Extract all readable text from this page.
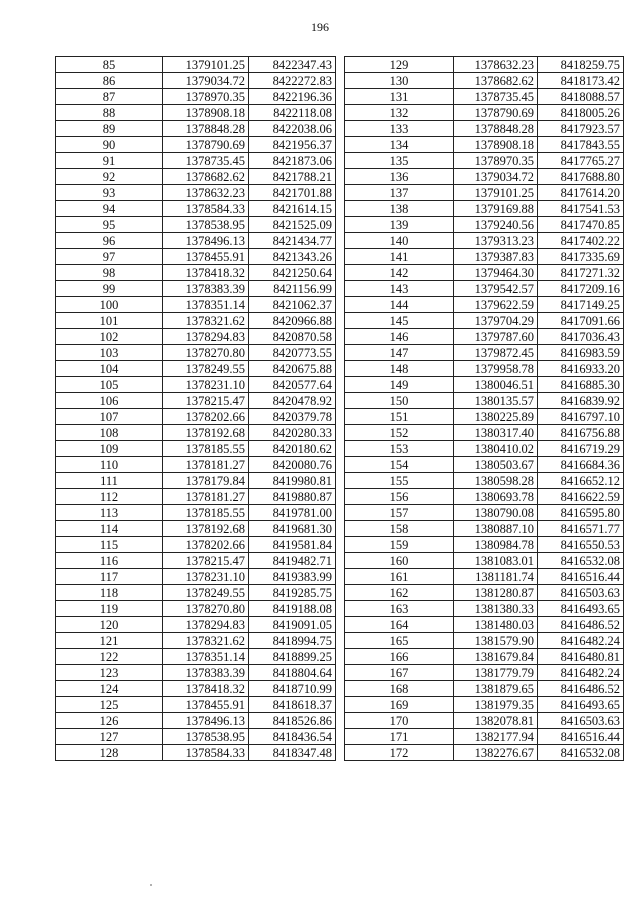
196
85	1379101.25	8422347.43
86	1379034.72	8422272.83
87	1378970.35	8422196.36
88	1378908.18	8422118.08
89	1378848.28	8422038.06
90	1378790.69	8421956.37
91	1378735.45	8421873.06
92	1378682.62	8421788.21
93	1378632.23	8421701.88
94	1378584.33	8421614.15
95	1378538.95	8421525.09
96	1378496.13	8421434.77
97	1378455.91	8421343.26
98	1378418.32	8421250.64
99	1378383.39	8421156.99
100	1378351.14	8421062.37
101	1378321.62	8420966.88
102	1378294.83	8420870.58
103	1378270.80	8420773.55
104	1378249.55	8420675.88
105	1378231.10	8420577.64
106	1378215.47	8420478.92
107	1378202.66	8420379.78
108	1378192.68	8420280.33
109	1378185.55	8420180.62
110	1378181.27	8420080.76
111	1378179.84	8419980.81
112	1378181.27	8419880.87
113	1378185.55	8419781.00
114	1378192.68	8419681.30
115	1378202.66	8419581.84
116	1378215.47	8419482.71
117	1378231.10	8419383.99
118	1378249.55	8419285.75
119	1378270.80	8419188.08
120	1378294.83	8419091.05
121	1378321.62	8418994.75
122	1378351.14	8418899.25
123	1378383.39	8418804.64
124	1378418.32	8418710.99
125	1378455.91	8418618.37
126	1378496.13	8418526.86
127	1378538.95	8418436.54
128	1378584.33	8418347.48
129	1378632.23	8418259.75
130	1378682.62	8418173.42
131	1378735.45	8418088.57
132	1378790.69	8418005.26
133	1378848.28	8417923.57
134	1378908.18	8417843.55
135	1378970.35	8417765.27
136	1379034.72	8417688.80
137	1379101.25	8417614.20
138	1379169.88	8417541.53
139	1379240.56	8417470.85
140	1379313.23	8417402.22
141	1379387.83	8417335.69
142	1379464.30	8417271.32
143	1379542.57	8417209.16
144	1379622.59	8417149.25
145	1379704.29	8417091.66
146	1379787.60	8417036.43
147	1379872.45	8416983.59
148	1379958.78	8416933.20
149	1380046.51	8416885.30
150	1380135.57	8416839.92
151	1380225.89	8416797.10
152	1380317.40	8416756.88
153	1380410.02	8416719.29
154	1380503.67	8416684.36
155	1380598.28	8416652.12
156	1380693.78	8416622.59
157	1380790.08	8416595.80
158	1380887.10	8416571.77
159	1380984.78	8416550.53
160	1381083.01	8416532.08
161	1381181.74	8416516.44
162	1381280.87	8416503.63
163	1381380.33	8416493.65
164	1381480.03	8416486.52
165	1381579.90	8416482.24
166	1381679.84	8416480.81
167	1381779.79	8416482.24
168	1381879.65	8416486.52
169	1381979.35	8416493.65
170	1382078.81	8416503.63
171	1382177.94	8416516.44
172	1382276.67	8416532.08
